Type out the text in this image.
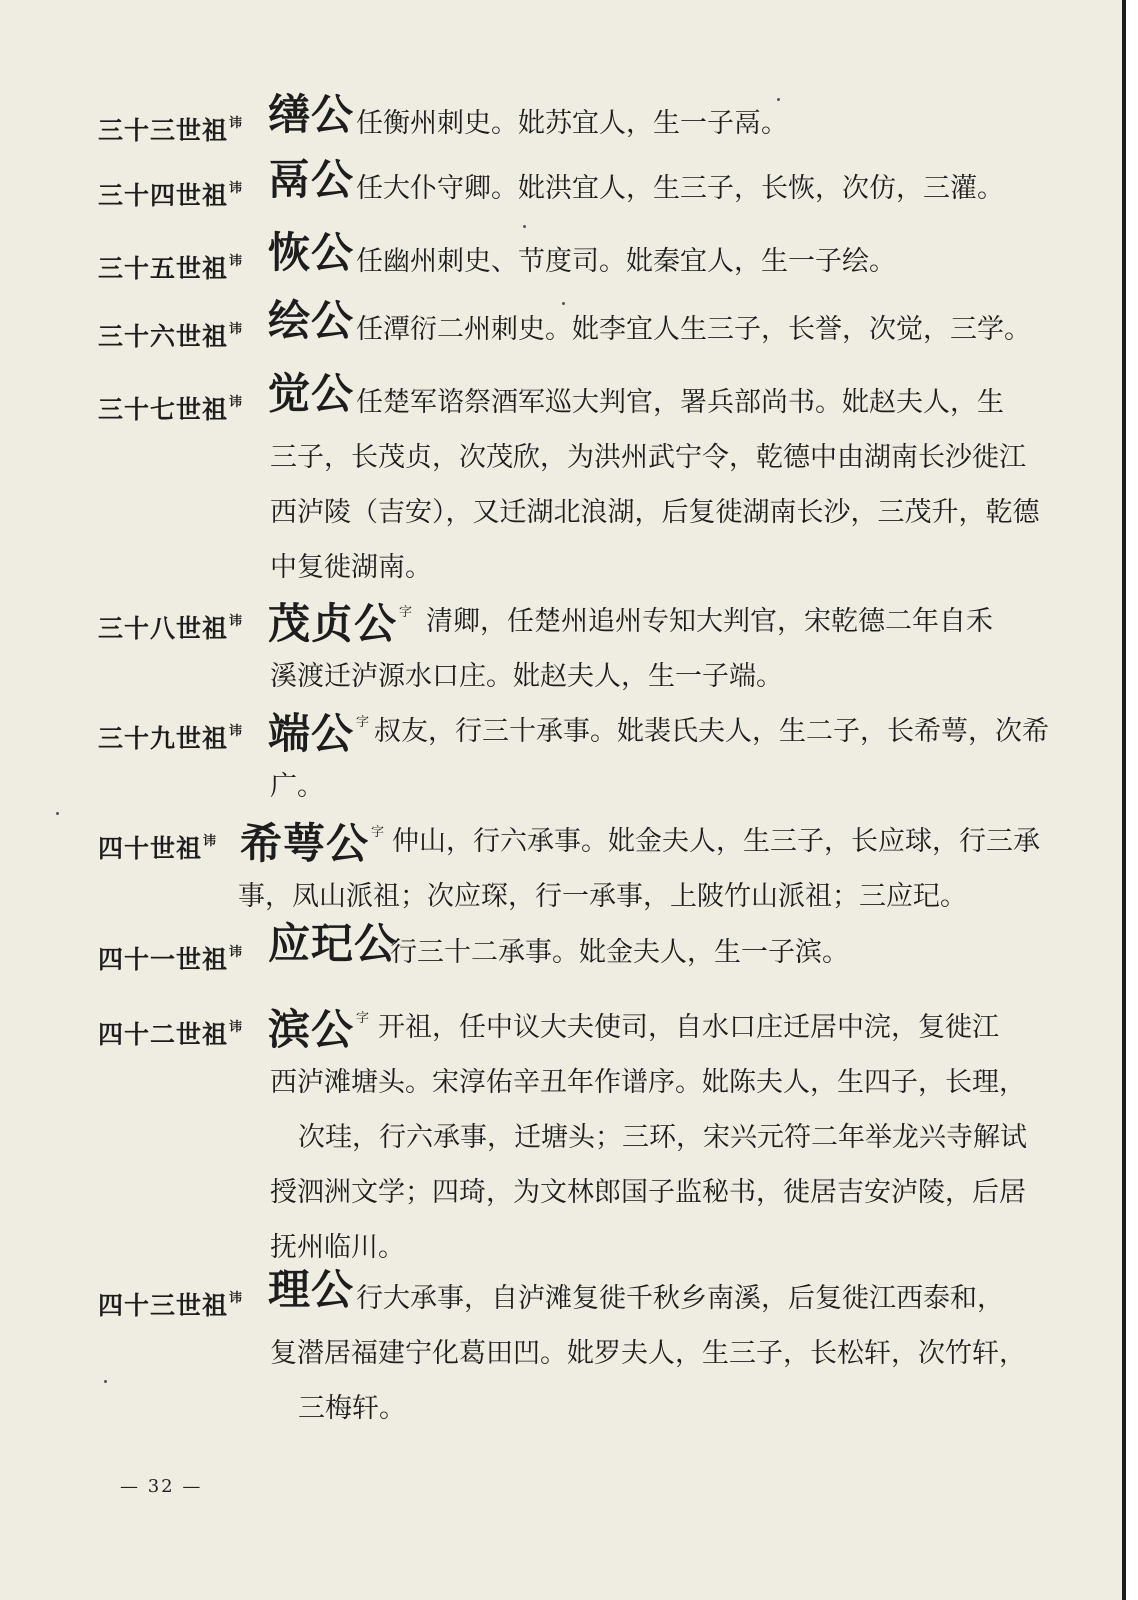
三十三世祖$^讳$ 缮公 任衡州刺史。妣苏宜人，生一子鬲。
三十四世祖$^讳$ 鬲公 任大仆守卿。妣洪宜人，生三子，长恢，次仿，三灌。
三十五世祖$^讳$ 恢公 任幽州刺史、节度司。妣秦宜人，生一子绘。
三十六世祖$^讳$ 绘公 任潭衍二州刺史。妣李宜人生三子，长誉，次觉，三学。
三十七世祖$^讳$ 觉公 任楚军谘祭酒军巡大判官，署兵部尚书。妣赵夫人，生
三子，长茂贞，次茂欣，为洪州武宁令，乾德中由湖南长沙徙江
西泸陵（吉安），又迁湖北浪湖，后复徙湖南长沙，三茂升，乾德
中复徙湖南。
三十八世祖$^讳$ 茂贞公 $^字$ 清卿，任楚州追州专知大判官，宋乾德二年自禾
溪渡迁泸源水口庄。妣赵夫人，生一子端。
三十九世祖$^讳$ 端公 $^字$ 叔友，行三十承事。妣裴氏夫人，生二子，长希萼，次希
广。
四十世祖$^讳$ 希萼公 $^字$ 仲山，行六承事。妣金夫人，生三子，长应球，行三承
事，凤山派祖；次应琛，行一承事，上陂竹山派祖；三应玘。
四十一世祖$^讳$ 应玘公
行三十二承事。妣金夫人，生一子滨。
四十二世祖$^讳$ 滨公 $^字$ 开祖，任中议大夫使司，自水口庄迁居中浣，复徙江
西泸滩塘头。宋淳佑辛丑年作谱序。妣陈夫人，生四子，长理，
次珪，行六承事，迁塘头；三环，宋兴元符二年举龙兴寺解试
授泗洲文学；四琦，为文林郎国子监秘书，徙居吉安泸陵，后居
抚州临川。
四十三世祖$^讳$ 理公 行大承事，自泸滩复徙千秋乡南溪，后复徙江西泰和，
复潜居福建宁化葛田凹。妣罗夫人，生三子，长松轩，次竹轩，
三梅轩。
— 32 —
